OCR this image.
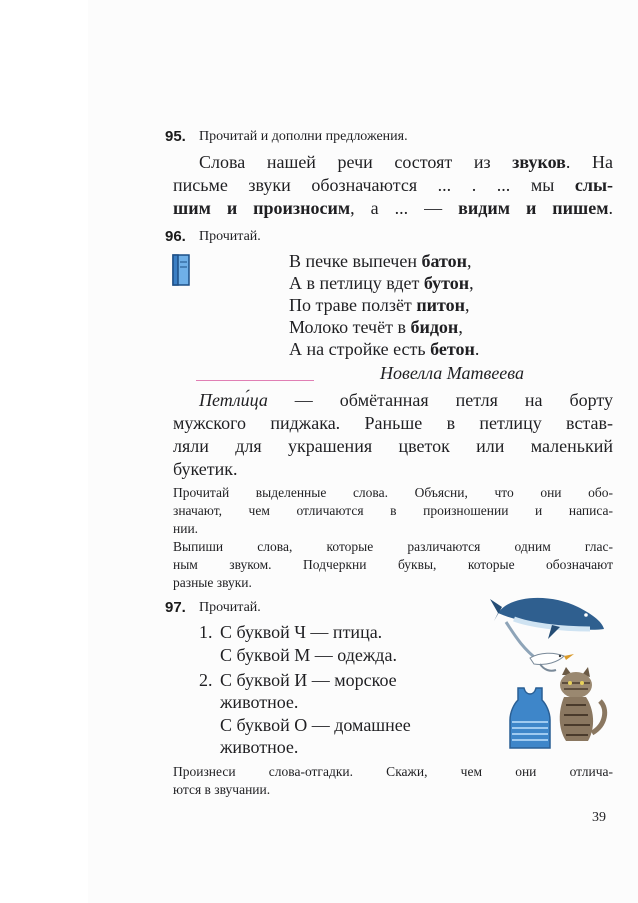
95. Прочитай и дополни предложения.
Слова нашей речи состоят из звуков. На
письме звуки обозначаются ... . ... мы слы-
шим и произносим, а ... — видим и пишем.
96. Прочитай.
В печке выпечен батон,
А в петлицу вдет бутон,
По траве ползёт питон,
Молоко течёт в бидон,
А на стройке есть бетон.
Новелла Матвеева
Петли́ца — обмётанная петля на борту
мужского пиджака. Раньше в петлицу встав-
ляли для украшения цветок или маленький
букетик.
Прочитай выделенные слова. Объясни, что они обо-
значают, чем отличаются в произношении и написа-
нии.
Выпиши слова, которые различаются одним глас-
ным звуком. Подчеркни буквы, которые обозначают
разные звуки.
97. Прочитай.
1. С буквой Ч — птица.
С буквой М — одежда.
2. С буквой И — морское
животное.
С буквой О — домашнее
животное.
Произнеси слова-отгадки. Скажи, чем они отлича-
ются в звучании.
39
